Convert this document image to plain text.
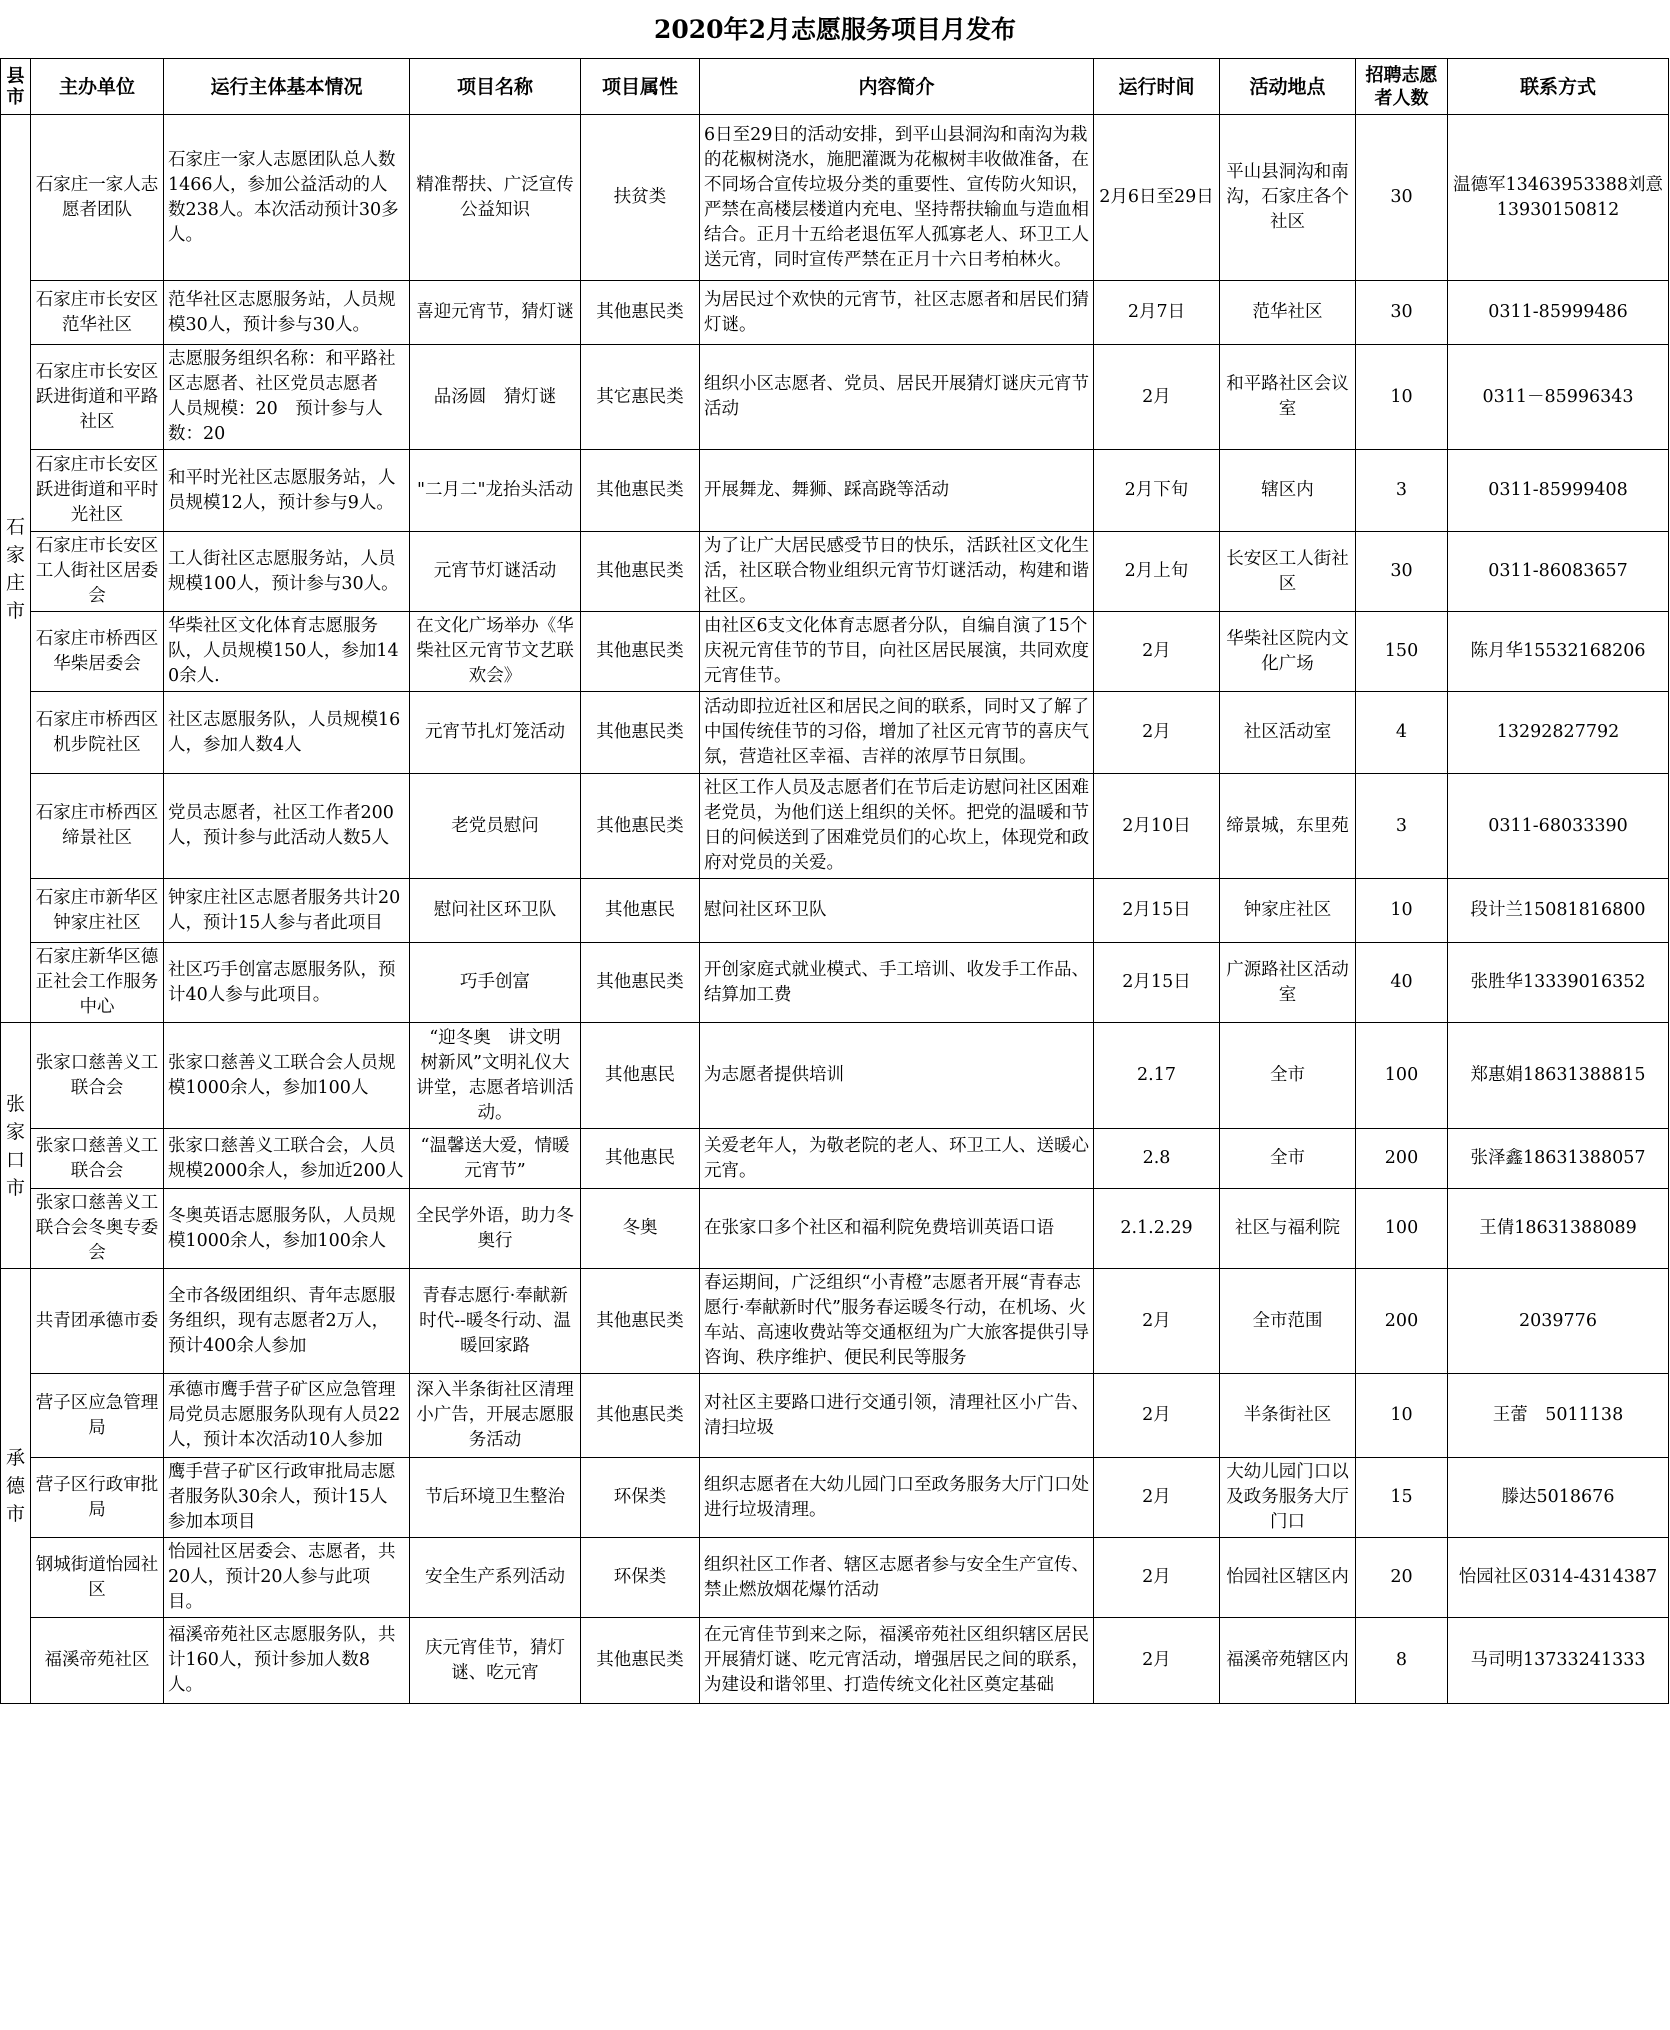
2020年2月志愿服务项目月发布
县市	主办单位	运行主体基本情况	项目名称	项目属性	内容简介	运行时间	活动地点	招聘志愿者人数	联系方式
石家庄市	石家庄一家人志愿者团队	石家庄一家人志愿团队总人数1466人，参加公益活动的人数238人。本次活动预计30多人。	精准帮扶、广泛宣传公益知识	扶贫类	6日至29日的活动安排，到平山县洞沟和南沟为栽的花椒树浇水，施肥灌溉为花椒树丰收做准备，在不同场合宣传垃圾分类的重要性、宣传防火知识，严禁在高楼层楼道内充电、坚持帮扶输血与造血相结合。正月十五给老退伍军人孤寡老人、环卫工人送元宵，同时宣传严禁在正月十六日考柏林火。	2月6日至29日	平山县洞沟和南沟，石家庄各个社区	30	温德军13463953388刘意13930150812
	石家庄市长安区范华社区	范华社区志愿服务站，人员规模30人，预计参与30人。	喜迎元宵节，猜灯谜	其他惠民类	为居民过个欢快的元宵节，社区志愿者和居民们猜灯谜。	2月7日	范华社区	30	0311-85999486
	石家庄市长安区跃进街道和平路社区	志愿服务组织名称：和平路社区志愿者、社区党员志愿者　人员规模：20　预计参与人数：20	品汤圆　猜灯谜	其它惠民类	组织小区志愿者、党员、居民开展猜灯谜庆元宵节活动	2月	和平路社区会议室	10	0311－85996343
	石家庄市长安区跃进街道和平时光社区	和平时光社区志愿服务站，人员规模12人，预计参与9人。	"二月二"龙抬头活动	其他惠民类	开展舞龙、舞狮、踩高跷等活动	2月下旬	辖区内	3	0311-85999408
	石家庄市长安区工人街社区居委会	工人街社区志愿服务站，人员规模100人，预计参与30人。	元宵节灯谜活动	其他惠民类	为了让广大居民感受节日的快乐，活跃社区文化生活，社区联合物业组织元宵节灯谜活动，构建和谐社区。	2月上旬	长安区工人街社区	30	0311-86083657
	石家庄市桥西区华柴居委会	华柴社区文化体育志愿服务队，人员规模150人，参加140余人.	在文化广场举办《华柴社区元宵节文艺联欢会》	其他惠民类	由社区6支文化体育志愿者分队，自编自演了15个庆祝元宵佳节的节目，向社区居民展演，共同欢度元宵佳节。	2月	华柴社区院内文化广场	150	陈月华15532168206
	石家庄市桥西区机步院社区	社区志愿服务队，人员规模16人，参加人数4人	元宵节扎灯笼活动	其他惠民类	活动即拉近社区和居民之间的联系，同时又了解了中国传统佳节的习俗，增加了社区元宵节的喜庆气氛，营造社区幸福、吉祥的浓厚节日氛围。	2月	社区活动室	4	13292827792
	石家庄市桥西区缔景社区	党员志愿者，社区工作者200人，预计参与此活动人数5人	老党员慰问	其他惠民类	社区工作人员及志愿者们在节后走访慰问社区困难老党员，为他们送上组织的关怀。把党的温暖和节日的问候送到了困难党员们的心坎上，体现党和政府对党员的关爱。	2月10日	缔景城，东里苑	3	0311-68033390
	石家庄市新华区钟家庄社区	钟家庄社区志愿者服务共计20人，预计15人参与者此项目	慰问社区环卫队	其他惠民	慰问社区环卫队	2月15日	钟家庄社区	10	段计兰15081816800
	石家庄新华区德正社会工作服务中心	社区巧手创富志愿服务队，预计40人参与此项目。	巧手创富	其他惠民类	开创家庭式就业模式、手工培训、收发手工作品、结算加工费	2月15日	广源路社区活动室	40	张胜华13339016352
张家口市	张家口慈善义工联合会	张家口慈善义工联合会人员规模1000余人，参加100人	“迎冬奥　讲文明　树新风”文明礼仪大讲堂，志愿者培训活动。	其他惠民	为志愿者提供培训	2.17	全市	100	郑惠娟18631388815
	张家口慈善义工联合会	张家口慈善义工联合会，人员规模2000余人，参加近200人	“温馨送大爱，情暖元宵节”	其他惠民	关爱老年人，为敬老院的老人、环卫工人、送暖心元宵。	2.8	全市	200	张泽鑫18631388057
	张家口慈善义工联合会冬奥专委会	冬奥英语志愿服务队，人员规模1000余人，参加100余人	全民学外语，助力冬奥行	冬奥	在张家口多个社区和福利院免费培训英语口语	2.1.2.29	社区与福利院	100	王倩18631388089
承德市	共青团承德市委	全市各级团组织、青年志愿服务组织，现有志愿者2万人，预计400余人参加	青春志愿行·奉献新时代--暖冬行动、温暖回家路	其他惠民类	春运期间，广泛组织“小青橙”志愿者开展“青春志愿行·奉献新时代”服务春运暖冬行动，在机场、火车站、高速收费站等交通枢纽为广大旅客提供引导咨询、秩序维护、便民利民等服务	2月	全市范围	200	2039776
	营子区应急管理局	承德市鹰手营子矿区应急管理局党员志愿服务队现有人员22人，预计本次活动10人参加	深入半条街社区清理小广告，开展志愿服务活动	其他惠民类	对社区主要路口进行交通引领，清理社区小广告、清扫垃圾	2月	半条街社区	10	王蕾　5011138
	营子区行政审批局	鹰手营子矿区行政审批局志愿者服务队30余人，预计15人参加本项目	节后环境卫生整治	环保类	组织志愿者在大幼儿园门口至政务服务大厅门口处进行垃圾清理。	2月	大幼儿园门口以及政务服务大厅门口	15	滕达5018676
	钢城街道怡园社区	怡园社区居委会、志愿者，共20人，预计20人参与此项目。	安全生产系列活动	环保类	组织社区工作者、辖区志愿者参与安全生产宣传、禁止燃放烟花爆竹活动	2月	怡园社区辖区内	20	怡园社区0314-4314387
	福溪帝苑社区	福溪帝苑社区志愿服务队，共计160人，预计参加人数8人。	庆元宵佳节，猜灯谜、吃元宵	其他惠民类	在元宵佳节到来之际，福溪帝苑社区组织辖区居民开展猜灯谜、吃元宵活动，增强居民之间的联系，为建设和谐邻里、打造传统文化社区奠定基础	2月	福溪帝苑辖区内	8	马司明13733241333
